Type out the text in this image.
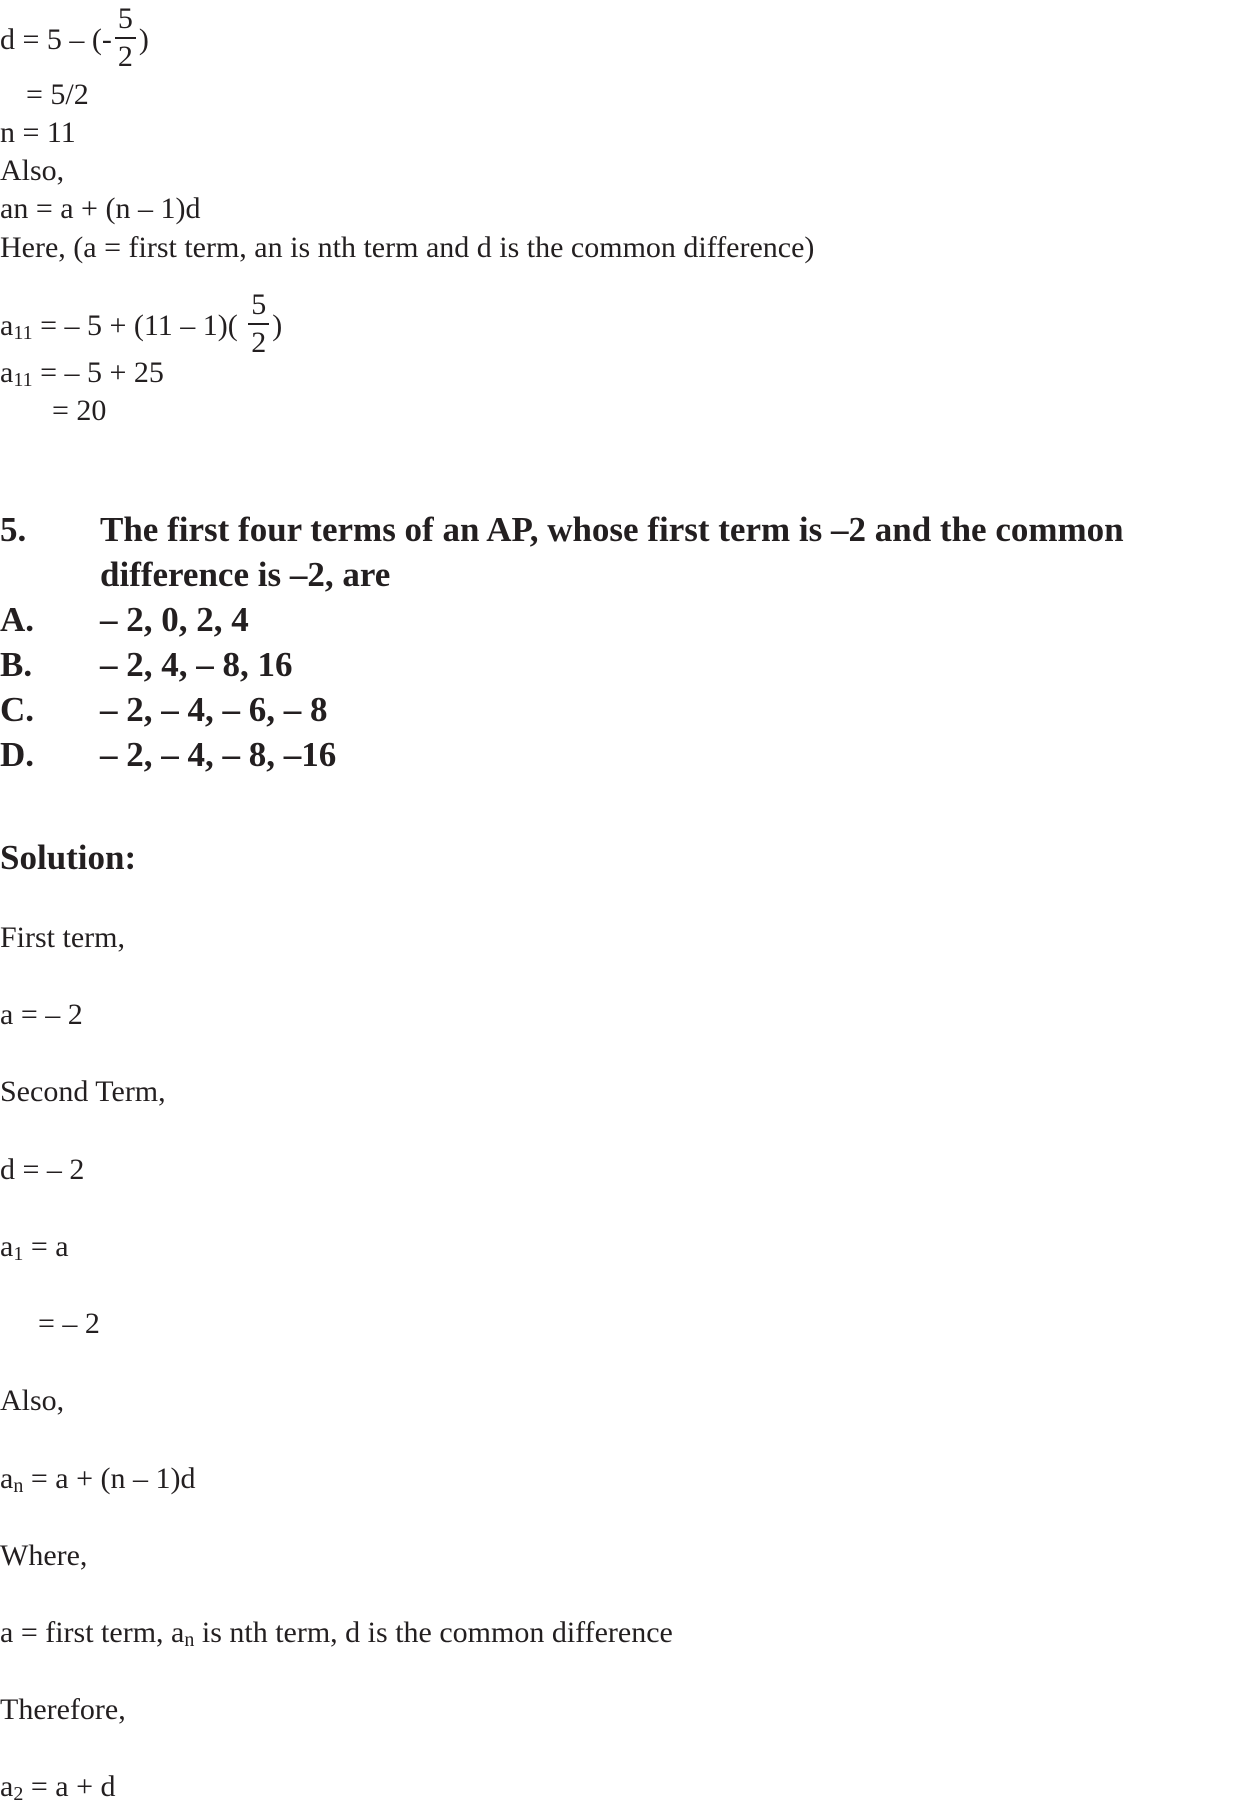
d = 5 – (- $\frac{5}{2}$ )
= 5/2
n = 11
Also,
an = a + (n – 1)d
Here, (a = first term, an is nth term and d is the common difference)
$a_{11}$ = – $5 + (11 - 1)( \frac{5}{2}$ )
$a_{11}$ = – 5 + 25
= 20
5. The first four terms of an AP, whose first term is –2 and the common
difference is –2, are
A. – 2, 0, 2, 4
B. – 2, 4, – 8, 16
C. – 2, – 4, – 6, – 8
D. – 2, – 4, – 8, –16
Solution:
First term,
a = – 2
Second Term,
d = – 2
$a_1 = a$
= – 2
Also,
$a_n = a + (n - 1)d$
Where,
a = first term, $a_n$ is nth term, d is the common difference
Therefore,
$a_2 = a + d$
